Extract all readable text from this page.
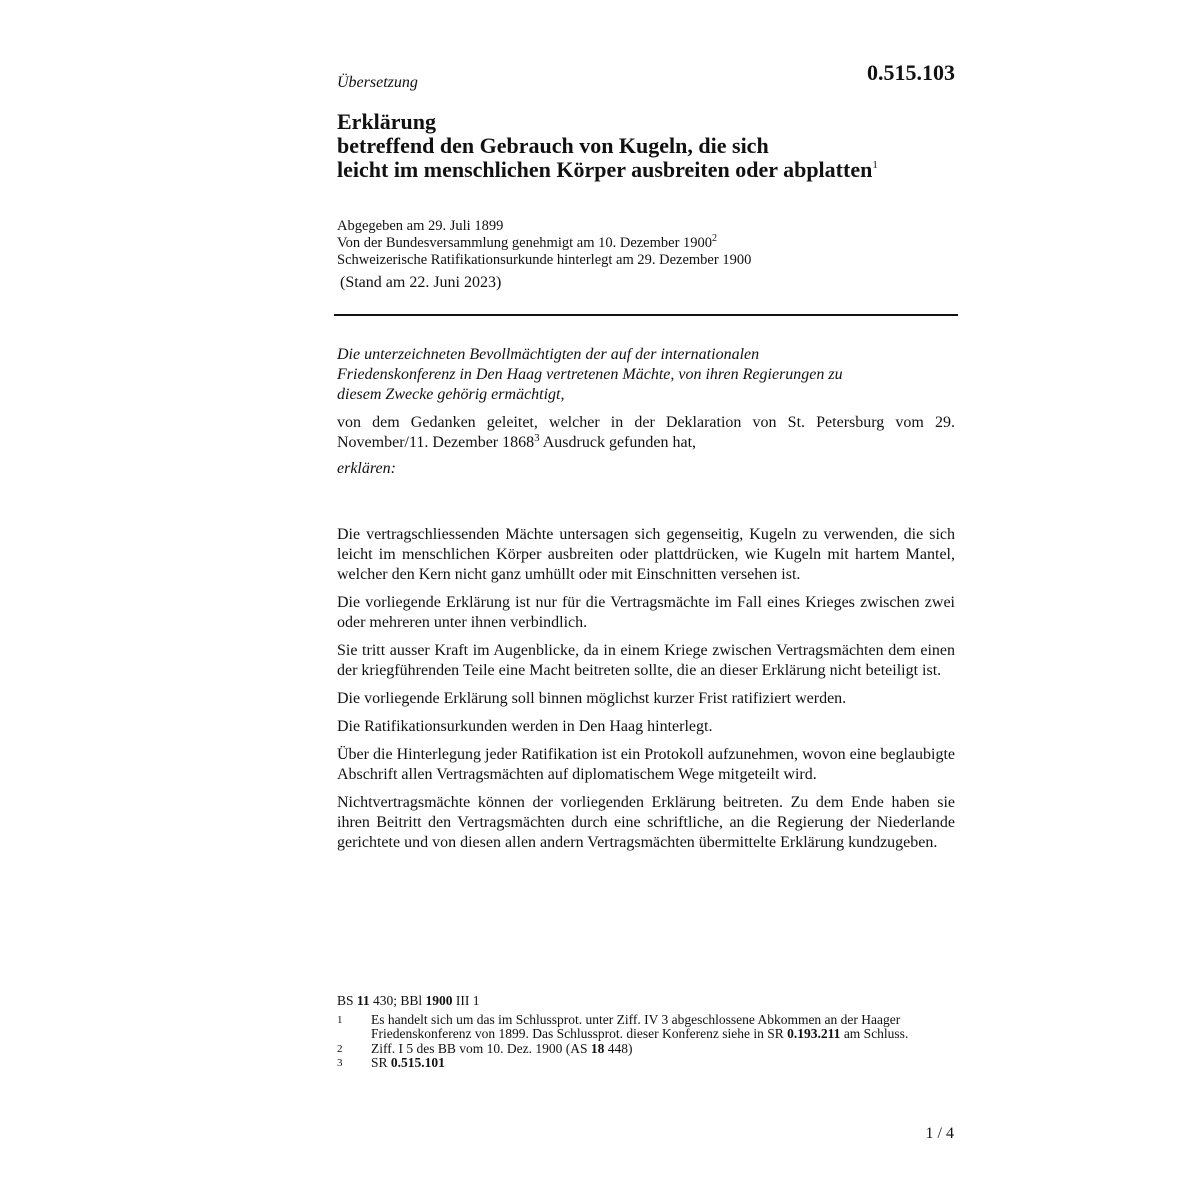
Übersetzung	0.515.103
Erklärung
betreffend den Gebrauch von Kugeln, die sich
leicht im menschlichen Körper ausbreiten oder abplatten$^1$
Abgegeben am 29. Juli 1899
Von der Bundesversammlung genehmigt am 10. Dezember 1900$^2$
Schweizerische Ratifikationsurkunde hinterlegt am 29. Dezember 1900
(Stand am 22. Juni 2023)
Die unterzeichneten Bevollmächtigten der auf der internationalen
Friedenskonferenz in Den Haag vertretenen Mächte, von ihren Regierungen zu
diesem Zwecke gehörig ermächtigt,
von dem Gedanken geleitet, welcher in der Deklaration von St. Petersburg vom 29. November/11. Dezember 1868$^3$ Ausdruck gefunden hat,
erklären:

Die vertragschliessenden Mächte untersagen sich gegenseitig, Kugeln zu verwenden, die sich leicht im menschlichen Körper ausbreiten oder plattdrücken, wie Kugeln mit hartem Mantel, welcher den Kern nicht ganz umhüllt oder mit Einschnitten versehen ist.

Die vorliegende Erklärung ist nur für die Vertragsmächte im Fall eines Krieges zwischen zwei oder mehreren unter ihnen verbindlich.

Sie tritt ausser Kraft im Augenblicke, da in einem Kriege zwischen Vertragsmächten dem einen der kriegführenden Teile eine Macht beitreten sollte, die an dieser Erklärung nicht beteiligt ist.

Die vorliegende Erklärung soll binnen möglichst kurzer Frist ratifiziert werden.

Die Ratifikationsurkunden werden in Den Haag hinterlegt.

Über die Hinterlegung jeder Ratifikation ist ein Protokoll aufzunehmen, wovon eine beglaubigte Abschrift allen Vertragsmächten auf diplomatischem Wege mitgeteilt wird.

Nichtvertragsmächte können der vorliegenden Erklärung beitreten. Zu dem Ende haben sie ihren Beitritt den Vertragsmächten durch eine schriftliche, an die Regierung der Niederlande gerichtete und von diesen allen andern Vertragsmächten übermittelte Erklärung kundzugeben.

BS 11 430; BBl 1900 III 1
1	Es handelt sich um das im Schlussprot. unter Ziff. IV 3 abgeschlossene Abkommen an der Haager Friedenskonferenz von 1899. Das Schlussprot. dieser Konferenz siehe in SR 0.193.211 am Schluss.
2	Ziff. I 5 des BB vom 10. Dez. 1900 (AS 18 448)
3	SR 0.515.101
1 / 4
